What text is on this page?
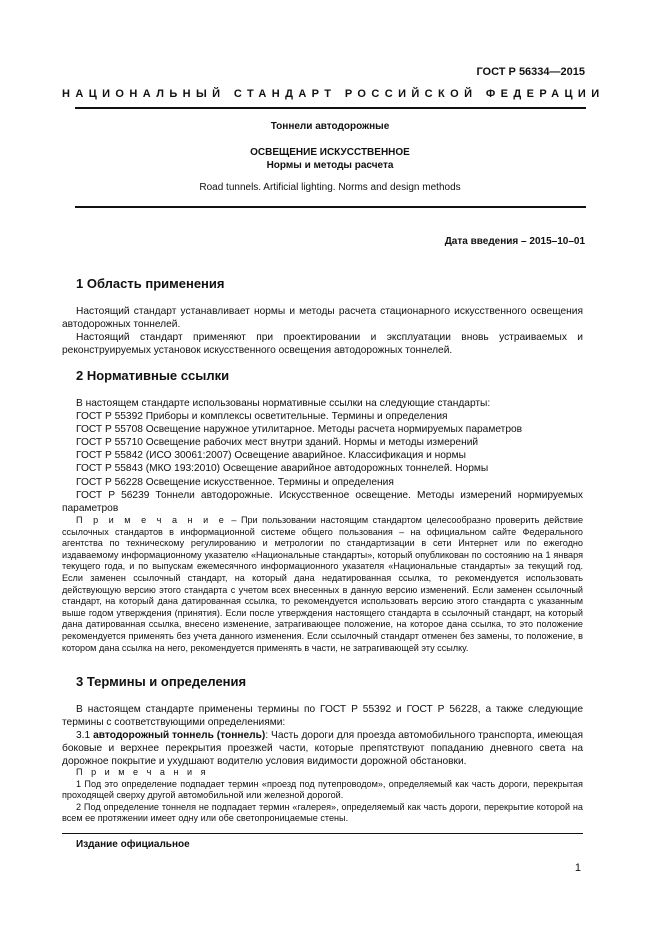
ГОСТ Р 56334—2015
НАЦИОНАЛЬНЫЙ СТАНДАРТ РОССИЙСКОЙ ФЕДЕРАЦИИ
Тоннели автодорожные
ОСВЕЩЕНИЕ ИСКУССТВЕННОЕ
Нормы и методы расчета
Road tunnels. Artificial lighting. Norms and design methods
Дата введения – 2015–10–01
1 Область применения

Настоящий стандарт устанавливает нормы и методы расчета стационарного искусственного освещения автодорожных тоннелей.

Настоящий стандарт применяют при проектировании и эксплуатации вновь устраиваемых и реконструируемых установок искусственного освещения автодорожных тоннелей.

2 Нормативные ссылки
В настоящем стандарте использованы нормативные ссылки на следующие стандарты:
ГОСТ Р 55392 Приборы и комплексы осветительные. Термины и определения
ГОСТ Р 55708 Освещение наружное утилитарное. Методы расчета нормируемых параметров
ГОСТ Р 55710 Освещение рабочих мест внутри зданий. Нормы и методы измерений
ГОСТ Р 55842 (ИСО 30061:2007) Освещение аварийное. Классификация и нормы
ГОСТ Р 55843 (МКО 193:2010) Освещение аварийное автодорожных тоннелей. Нормы
ГОСТ Р 56228 Освещение искусственное. Термины и определения
ГОСТ Р 56239 Тоннели автодорожные. Искусственное освещение. Методы измерений нормируемых параметров

П р и м е ч а н и е – При пользовании настоящим стандартом целесообразно проверить действие ссылочных стандартов в информационной системе общего пользования – на официальном сайте Федерального агентства по техническому регулированию и метрологии по стандартизации в сети Интернет или по ежегодно издаваемому информационному указателю «Национальные стандарты», который опубликован по состоянию на 1 января текущего года, и по выпускам ежемесячного информационного указателя «Национальные стандарты» за текущий год. Если заменен ссылочный стандарт, на который дана недатированная ссылка, то рекомендуется использовать действующую версию этого стандарта с учетом всех внесенных в данную версию изменений. Если заменен ссылочный стандарт, на который дана датированная ссылка, то рекомендуется использовать версию этого стандарта с указанным выше годом утверждения (принятия). Если после утверждения настоящего стандарта в ссылочный стандарт, на который дана датированная ссылка, внесено изменение, затрагивающее положение, на которое дана ссылка, то это положение рекомендуется применять без учета данного изменения. Если ссылочный стандарт отменен без замены, то положение, в котором дана ссылка на него, рекомендуется применять в части, не затрагивающей эту ссылку.

3 Термины и определения

В настоящем стандарте применены термины по ГОСТ Р 55392 и ГОСТ Р 56228, а также следующие термины с соответствующими определениями:

3.1 автодорожный тоннель (тоннель): Часть дороги для проезда автомобильного транспорта, имеющая боковые и верхнее перекрытия проезжей части, которые препятствуют попаданию дневного света на дорожное покрытие и ухудшают водителю условия видимости дорожной обстановки.

П р и м е ч а н и я

1 Под это определение подпадает термин «проезд под путепроводом», определяемый как часть дороги, перекрытая проходящей сверху другой автомобильной или железной дорогой.

2 Под определение тоннеля не подпадает термин «галерея», определяемый как часть дороги, перекрытие которой на всем ее протяжении имеет одну или обе светопроницаемые стены.

Издание официальное
1
